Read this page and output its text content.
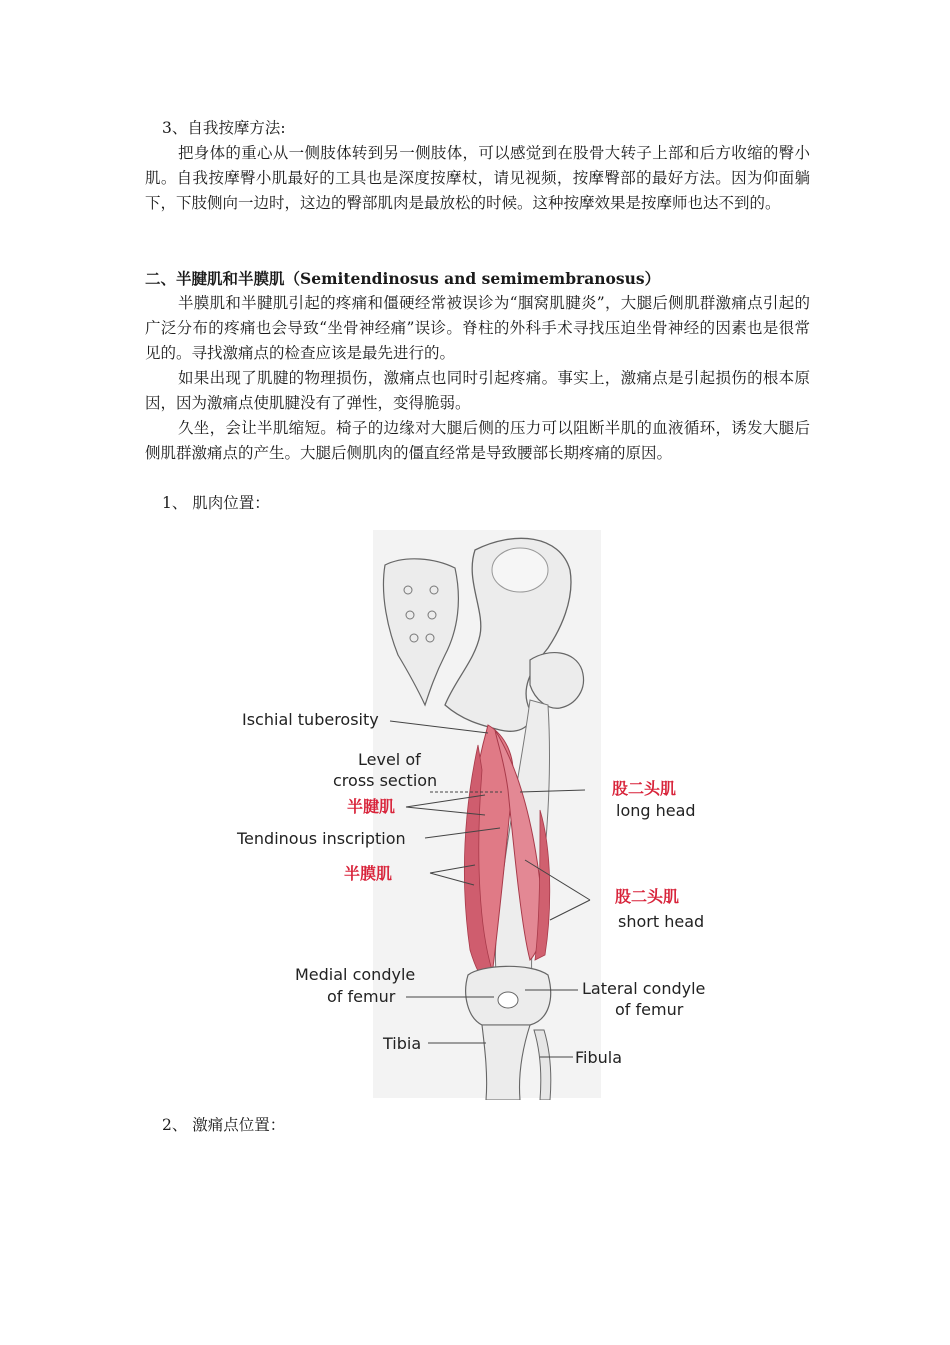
3、自我按摩方法:

把身体的重心从一侧肢体转到另一侧肢体，可以感觉到在股骨大转子上部和后方收缩的臀小肌。自我按摩臀小肌最好的工具也是深度按摩杖，请见视频，按摩臀部的最好方法。因为仰面躺下，下肢侧向一边时，这边的臀部肌肉是最放松的时候。这种按摩效果是按摩师也达不到的。

二、半腱肌和半膜肌（Semitendinosus and semimembranosus）

半膜肌和半腱肌引起的疼痛和僵硬经常被误诊为“腘窝肌腱炎”，大腿后侧肌群激痛点引起的广泛分布的疼痛也会导致“坐骨神经痛”误诊。脊柱的外科手术寻找压迫坐骨神经的因素也是很常见的。寻找激痛点的检查应该是最先进行的。

如果出现了肌腱的物理损伤，激痛点也同时引起疼痛。事实上，激痛点是引起损伤的根本原因，因为激痛点使肌腱没有了弹性，变得脆弱。

久坐，会让半肌缩短。椅子的边缘对大腿后侧的压力可以阻断半肌的血液循环，诱发大腿后侧肌群激痛点的产生。大腿后侧肌肉的僵直经常是导致腰部长期疼痛的原因。

1、 肌肉位置：
Ischial tuberosity
Level of
cross section
半腱肌
Tendinous inscription
半膜肌
股二头肌
long head
股二头肌
short head
Medial condyle
of femur	Lateral condyle
of femur
Tibia
Fibula
2、 激痛点位置：
